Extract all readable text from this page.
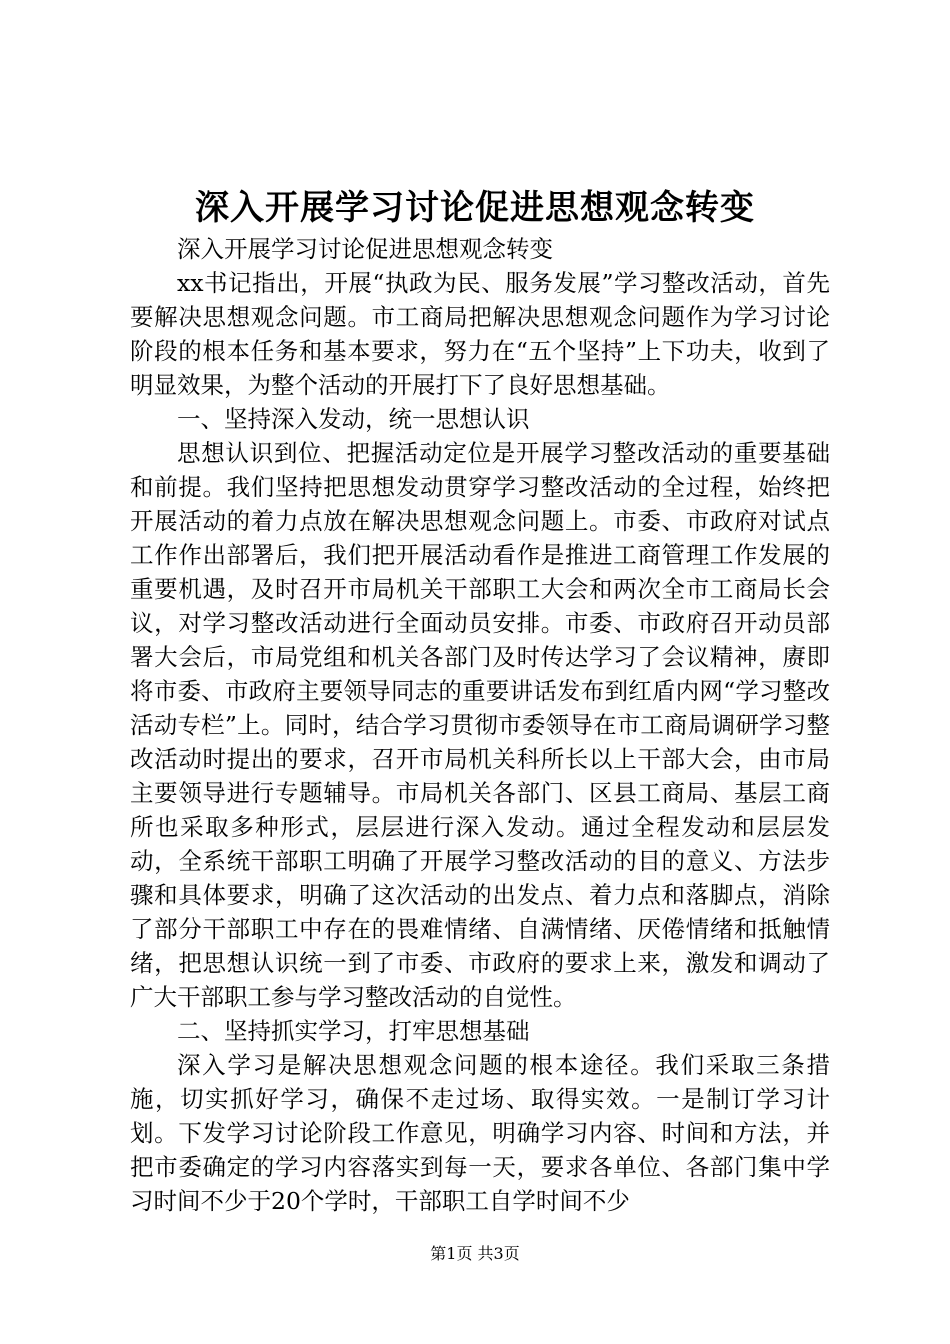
深入开展学习讨论促进思想观念转变

深入开展学习讨论促进思想观念转变

xx书记指出，开展“执政为民、服务发展”学习整改活动，首先要解决思想观念问题。市工商局把解决思想观念问题作为学习讨论阶段的根本任务和基本要求，努力在“五个坚持”上下功夫，收到了明显效果，为整个活动的开展打下了良好思想基础。

一、坚持深入发动，统一思想认识

思想认识到位、把握活动定位是开展学习整改活动的重要基础和前提。我们坚持把思想发动贯穿学习整改活动的全过程，始终把开展活动的着力点放在解决思想观念问题上。市委、市政府对试点工作作出部署后，我们把开展活动看作是推进工商管理工作发展的重要机遇，及时召开市局机关干部职工大会和两次全市工商局长会议，对学习整改活动进行全面动员安排。市委、市政府召开动员部署大会后，市局党组和机关各部门及时传达学习了会议精神，赓即将市委、市政府主要领导同志的重要讲话发布到红盾内网“学习整改活动专栏”上。同时，结合学习贯彻市委领导在市工商局调研学习整改活动时提出的要求，召开市局机关科所长以上干部大会，由市局主要领导进行专题辅导。市局机关各部门、区县工商局、基层工商所也采取多种形式，层层进行深入发动。通过全程发动和层层发动，全系统干部职工明确了开展学习整改活动的目的意义、方法步骤和具体要求，明确了这次活动的出发点、着力点和落脚点，消除了部分干部职工中存在的畏难情绪、自满情绪、厌倦情绪和抵触情绪，把思想认识统一到了市委、市政府的要求上来，激发和调动了广大干部职工参与学习整改活动的自觉性。

二、坚持抓实学习，打牢思想基础

深入学习是解决思想观念问题的根本途径。我们采取三条措施，切实抓好学习，确保不走过场、取得实效。一是制订学习计划。下发学习讨论阶段工作意见，明确学习内容、时间和方法，并把市委确定的学习内容落实到每一天，要求各单位、各部门集中学习时间不少于20个学时，干部职工自学时间不少

第1页 共3页
